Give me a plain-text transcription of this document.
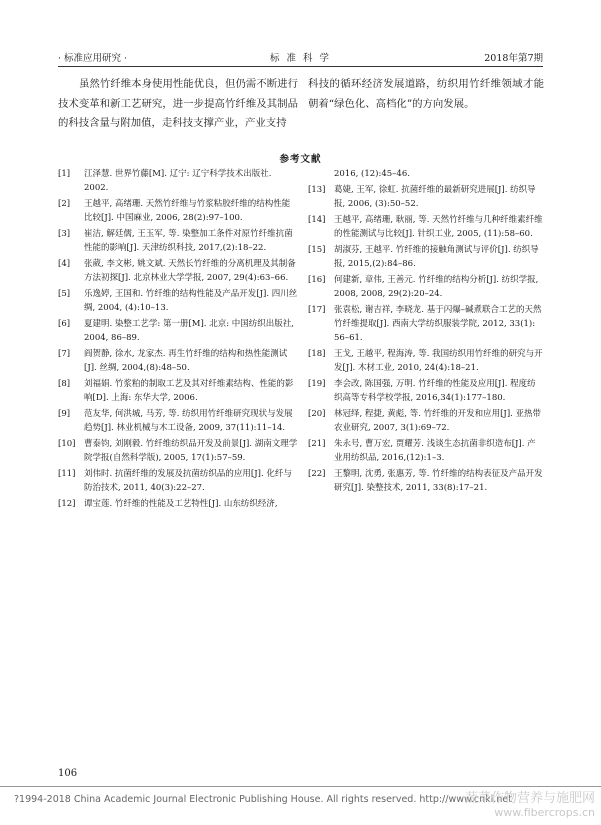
· 标准应用研究 ·	标 准 科 学	2018年第7期

虽然竹纤维本身使用性能优良，但仍需不断进行技术变革和新工艺研究，进一步提高竹纤维及其制品的科技含量与附加值，走科技支撑产业，产业支持

科技的循环经济发展道路，纺织用竹纤维领域才能朝着“绿色化、高档化”的方向发展。

参考文献
[1]	江泽慧. 世界竹藤[M]. 辽宁: 辽宁科学技术出版社. 2002.
[2]	王越平, 高绪珊. 天然竹纤维与竹浆粘胶纤维的结构性能比较[J]. 中国麻业, 2006, 28(2):97–100.
[3]	崔洁, 解廷儒, 王玉军, 等. 染整加工条件对原竹纤维抗菌性能的影响[J]. 天津纺织科技, 2017,(2):18–22.
[4]	张葳, 李文彬, 姚文斌. 天然长竹纤维的分离机理及其制备方法初探[J]. 北京林业大学学报, 2007, 29(4):63–66.
[5]	乐逸婷, 王国和. 竹纤维的结构性能及产品开发[J]. 四川丝绸, 2004, (4):10–13.
[6]	夏建明. 染整工艺学: 第一册[M]. 北京: 中国纺织出版社, 2004, 86–89.
[7]	阎贺静, 徐水, 龙家杰. 再生竹纤维的结构和热性能测试[J]. 丝绸, 2004,(8):48–50.
[8]	刘福娟. 竹浆粕的制取工艺及其对纤维素结构、性能的影响[D]. 上海: 东华大学, 2006.
[9]	范友华, 何洪城, 马芳, 等. 纺织用竹纤维研究现状与发展趋势[J]. 林业机械与木工设备, 2009, 37(11):11–14.
[10]	曹泰钧, 刘刚毅. 竹纤维纺织品开发及前景[J]. 湖南文理学院学报(自然科学版), 2005, 17(1):57–59.
[11]	刘伟时. 抗菌纤维的发展及抗菌纺织品的应用[J]. 化纤与防治技术, 2011, 40(3):22–27.
[12]	谭宝莲. 竹纤维的性能及工艺特性[J]. 山东纺织经济,
2016, (12):45–46.
[13]	葛婕, 王军, 徐虹. 抗菌纤维的最新研究进展[J]. 纺织导报, 2006, (3):50–52.
[14]	王越平, 高绪珊, 耿丽, 等. 天然竹纤维与几种纤维素纤维的性能测试与比较[J]. 针织工业, 2005, (11):58–60.
[15]	胡淑芬, 王越平. 竹纤维的接触角测试与评价[J]. 纺织导报, 2015,(2):84–86.
[16]	何建新, 章伟, 王善元. 竹纤维的结构分析[J]. 纺织学报, 2008, 2008, 29(2):20–24.
[17]	张袁松, 谢吉祥, 李晓龙. 基于闪爆–碱煮联合工艺的天然竹纤维提取[J]. 西南大学纺织服装学院, 2012, 33(1): 56–61.
[18]	王戈, 王越平, 程海涛, 等. 我国纺织用竹纤维的研究与开发[J]. 木材工业, 2010, 24(4):18–21.
[19]	李会改, 陈国强, 万明. 竹纤维的性能及应用[J]. 程度纺织高等专科学校学报, 2016,34(1):177–180.
[20]	林冠绎, 程捷, 黄彪, 等. 竹纤维的开发和应用[J]. 亚热带农业研究, 2007, 3(1):69–72.
[21]	朱永号, 曹万宏, 贾耀芳. 浅谈生态抗菌非织造布[J]. 产业用纺织品, 2016,(12):1–3.
[22]	王黎明, 沈勇, 张惠芳, 等. 竹纤维的结构表征及产品开发研究[J]. 染整技术, 2011, 33(8):17–21.
106
?1994-2018 China Academic Journal Electronic Publishing House. All rights reserved. http://www.cnki.net
蔬菜作物营养与施肥网
www.fibercrops.cn
